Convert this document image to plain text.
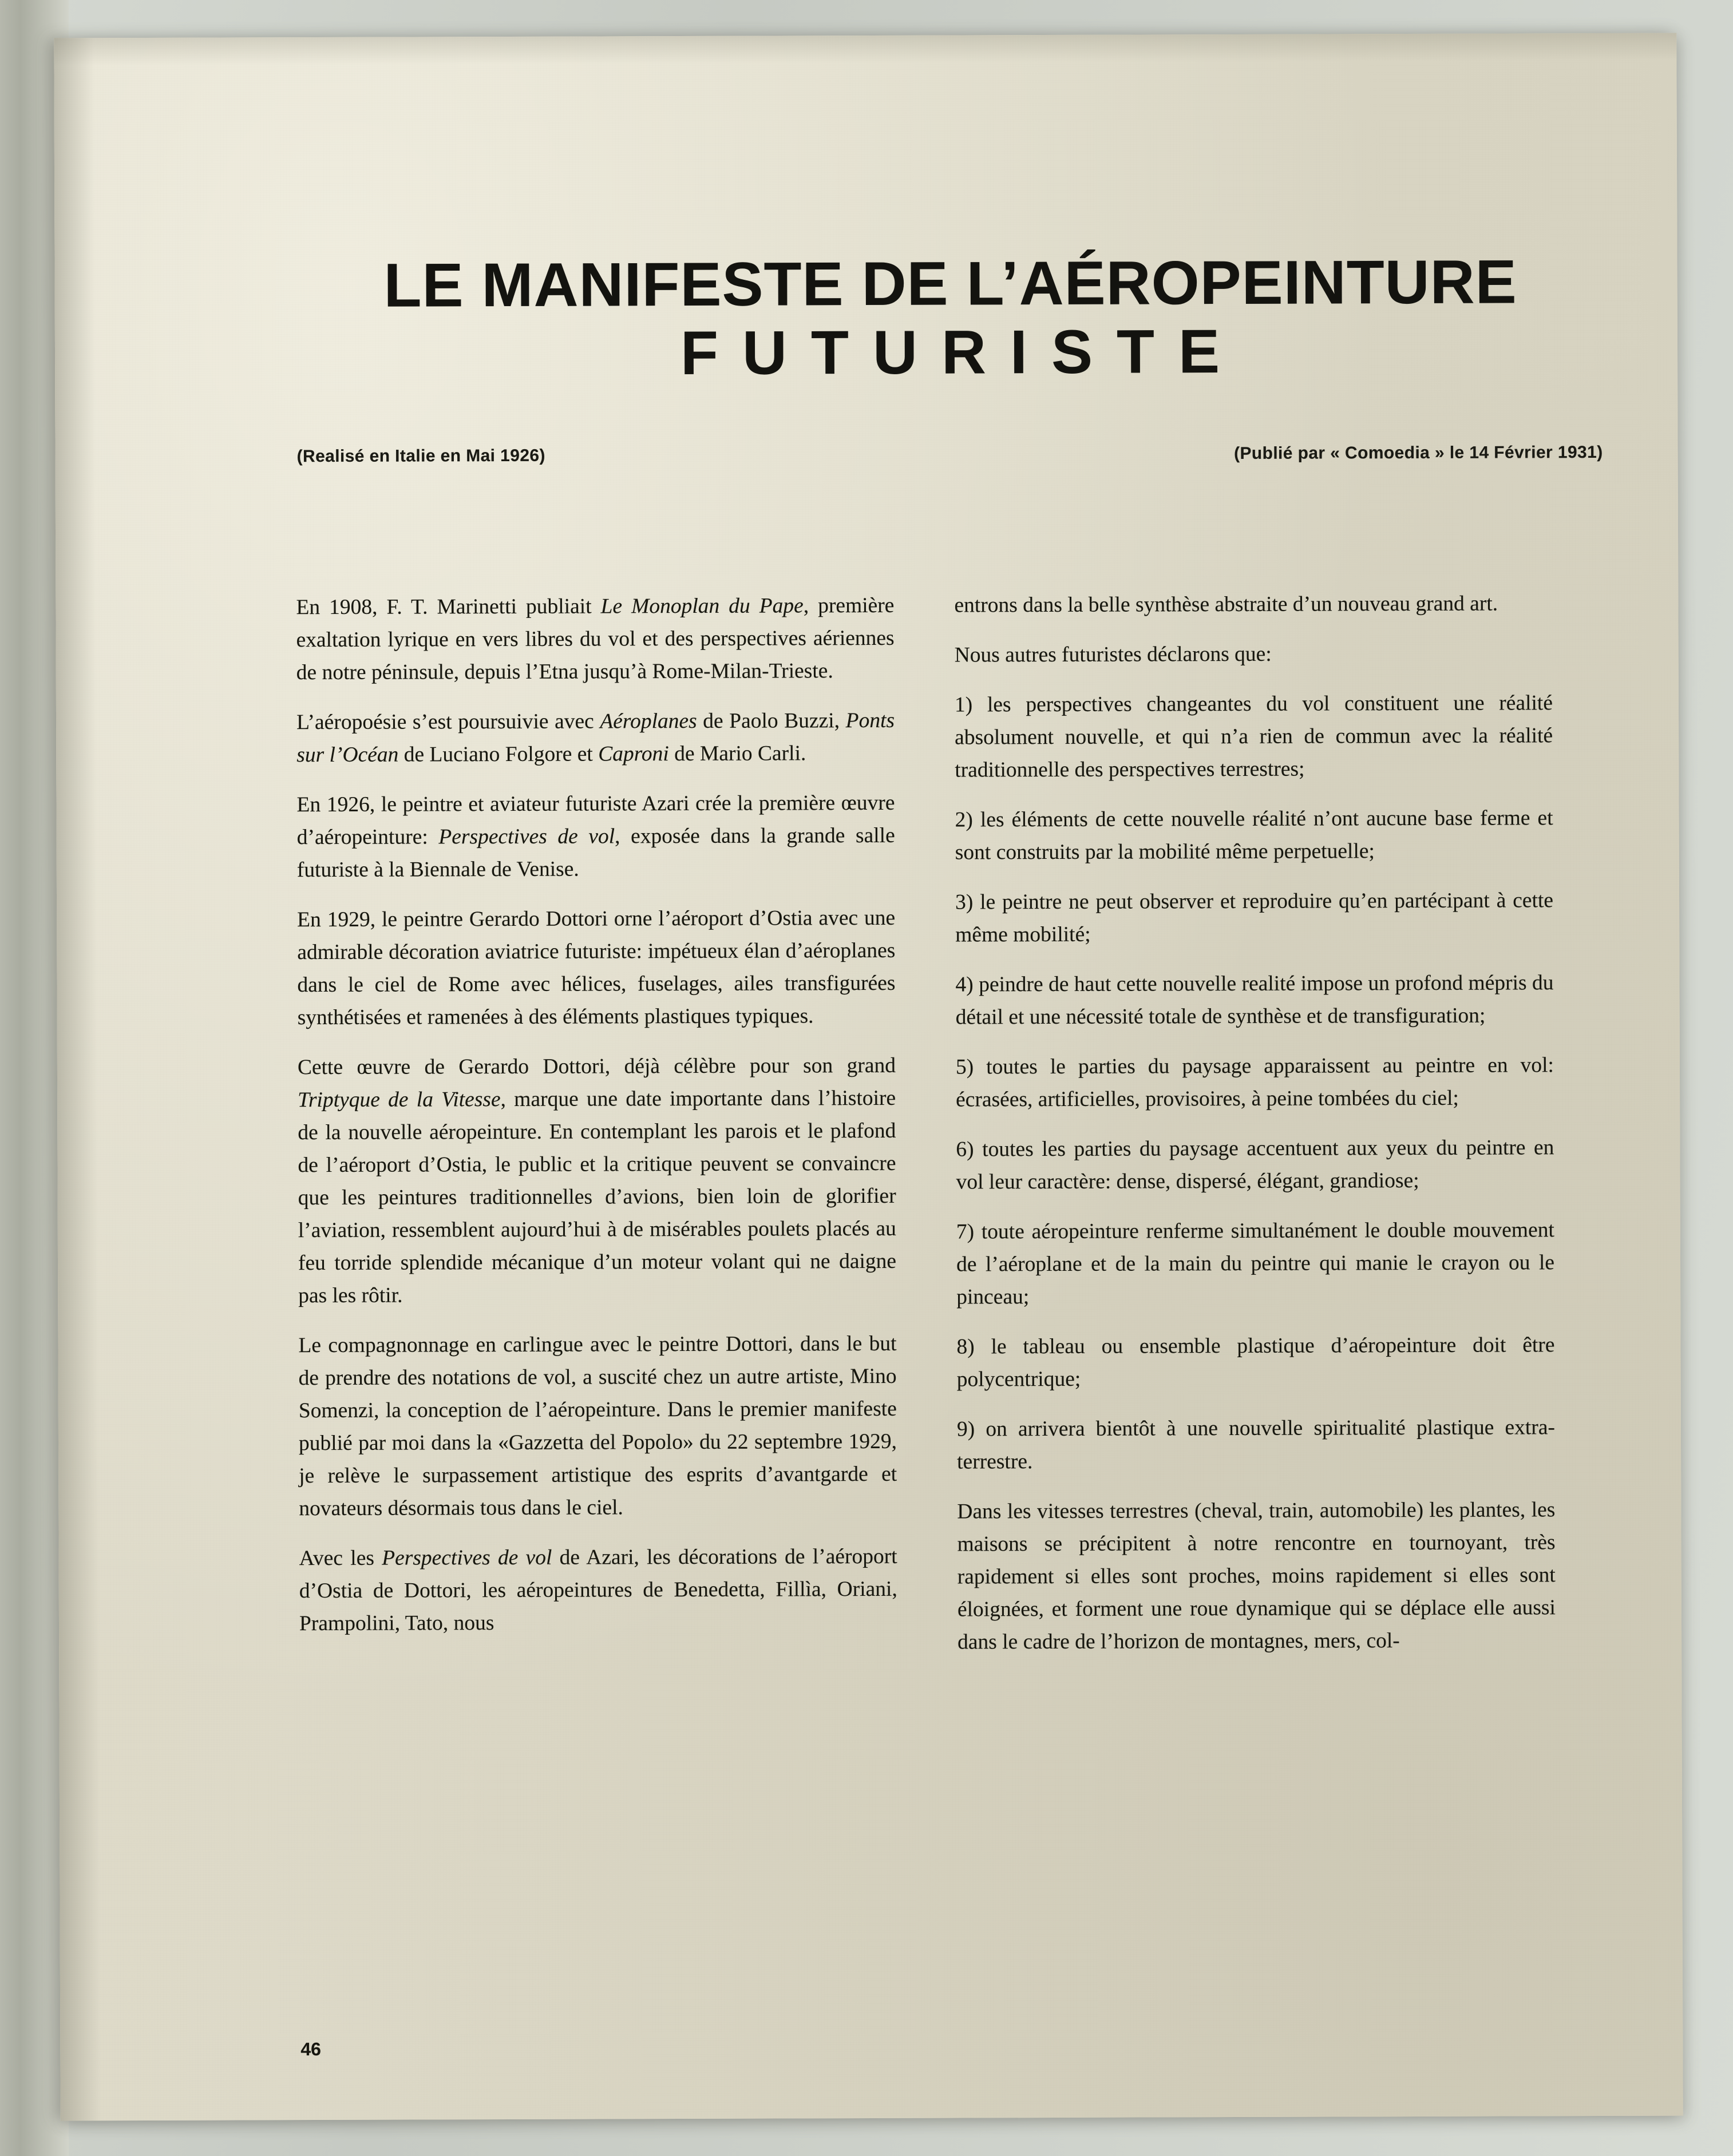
LE MANIFESTE DE L’AÉROPEINTURE
FUTURISTE
(Realisé en Italie en Mai 1926)	(Publié par « Comoedia » le 14 Février 1931)

En 1908, F. T. Marinetti publiait Le Monoplan du Pape, première exaltation lyrique en vers libres du vol et des perspectives aériennes de notre péninsule, depuis l’Etna jusqu’à Rome-Milan-Trieste.

L’aéropoésie s’est poursuivie avec Aéroplanes de Paolo Buzzi, Ponts sur l’Océan de Luciano Folgore et Caproni de Mario Carli.

En 1926, le peintre et aviateur futuriste Azari crée la première œuvre d’aéropeinture: Perspectives de vol, exposée dans la grande salle futuriste à la Biennale de Venise.

En 1929, le peintre Gerardo Dottori orne l’aéroport d’Ostia avec une admirable décoration aviatrice futuriste: impétueux élan d’aéroplanes dans le ciel de Rome avec hélices, fuselages, ailes transfigurées synthétisées et ramenées à des éléments plastiques typiques.

Cette œuvre de Gerardo Dottori, déjà célèbre pour son grand Triptyque de la Vitesse, marque une date importante dans l’histoire de la nouvelle aéropeinture. En contemplant les parois et le plafond de l’aéroport d’Ostia, le public et la critique peuvent se convaincre que les peintures traditionnelles d’avions, bien loin de glorifier l’aviation, ressemblent aujourd’hui à de misérables poulets placés au feu torride splendide mécanique d’un moteur volant qui ne daigne pas les rôtir.

Le compagnonnage en carlingue avec le peintre Dottori, dans le but de prendre des notations de vol, a suscité chez un autre artiste, Mino Somenzi, la conception de l’aéropeinture. Dans le premier manifeste publié par moi dans la «Gazzetta del Popolo» du 22 septembre 1929, je relève le surpassement artistique des esprits d’avantgarde et novateurs désormais tous dans le ciel.

Avec les Perspectives de vol de Azari, les décorations de l’aéroport d’Ostia de Dottori, les aéropeintures de Benedetta, Fillìa, Oriani, Prampolini, Tato, nous

entrons dans la belle synthèse abstraite d’un nouveau grand art.

Nous autres futuristes déclarons que:

1) les perspectives changeantes du vol constituent une réalité absolument nouvelle, et qui n’a rien de commun avec la réalité traditionnelle des perspectives terrestres;

2) les éléments de cette nouvelle réalité n’ont aucune base ferme et sont construits par la mobilité même perpetuelle;

3) le peintre ne peut observer et reproduire qu’en partécipant à cette même mobilité;

4) peindre de haut cette nouvelle realité impose un profond mépris du détail et une nécessité totale de synthèse et de transfiguration;

5) toutes le parties du paysage apparaissent au peintre en vol: écrasées, artificielles, provisoires, à peine tombées du ciel;

6) toutes les parties du paysage accentuent aux yeux du peintre en vol leur caractère: dense, dispersé, élégant, grandiose;

7) toute aéropeinture renferme simultanément le double mouvement de l’aéroplane et de la main du peintre qui manie le crayon ou le pinceau;

8) le tableau ou ensemble plastique d’aéropeinture doit être polycentrique;

9) on arrivera bientôt à une nouvelle spiritualité plastique extra-terrestre.

Dans les vitesses terrestres (cheval, train, automobile) les plantes, les maisons se précipitent à notre rencontre en tournoyant, très rapidement si elles sont proches, moins rapidement si elles sont éloignées, et forment une roue dynamique qui se déplace elle aussi dans le cadre de l’horizon de montagnes, mers, col-

46
